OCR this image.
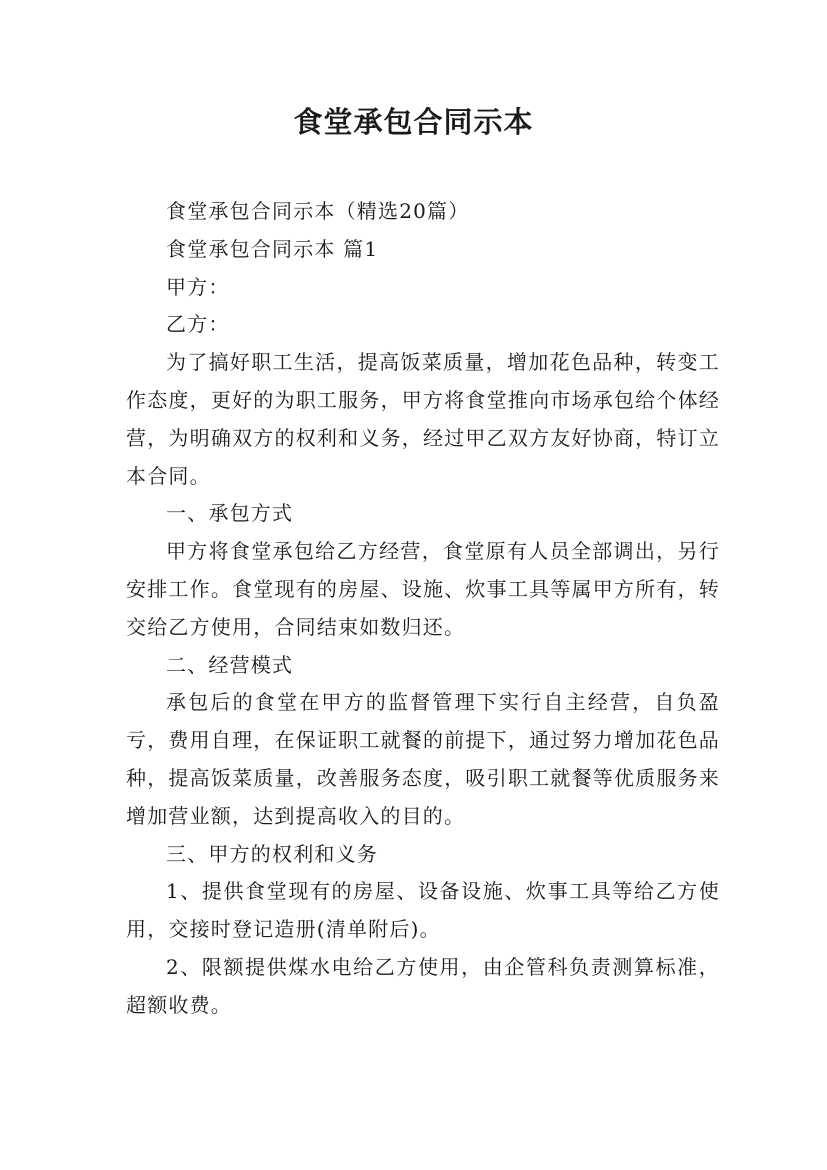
食堂承包合同示本

食堂承包合同示本（精选20篇）

食堂承包合同示本 篇1

甲方：

乙方：

为了搞好职工生活，提高饭菜质量，增加花色品种，转变工作态度，更好的为职工服务，甲方将食堂推向市场承包给个体经营，为明确双方的权利和义务，经过甲乙双方友好协商，特订立本合同。

一、承包方式

甲方将食堂承包给乙方经营，食堂原有人员全部调出，另行安排工作。食堂现有的房屋、设施、炊事工具等属甲方所有，转交给乙方使用，合同结束如数归还。

二、经营模式

承包后的食堂在甲方的监督管理下实行自主经营，自负盈亏，费用自理，在保证职工就餐的前提下，通过努力增加花色品种，提高饭菜质量，改善服务态度，吸引职工就餐等优质服务来增加营业额，达到提高收入的目的。

三、甲方的权利和义务

1、提供食堂现有的房屋、设备设施、炊事工具等给乙方使用，交接时登记造册(清单附后)。

2、限额提供煤水电给乙方使用，由企管科负责测算标准，超额收费。
